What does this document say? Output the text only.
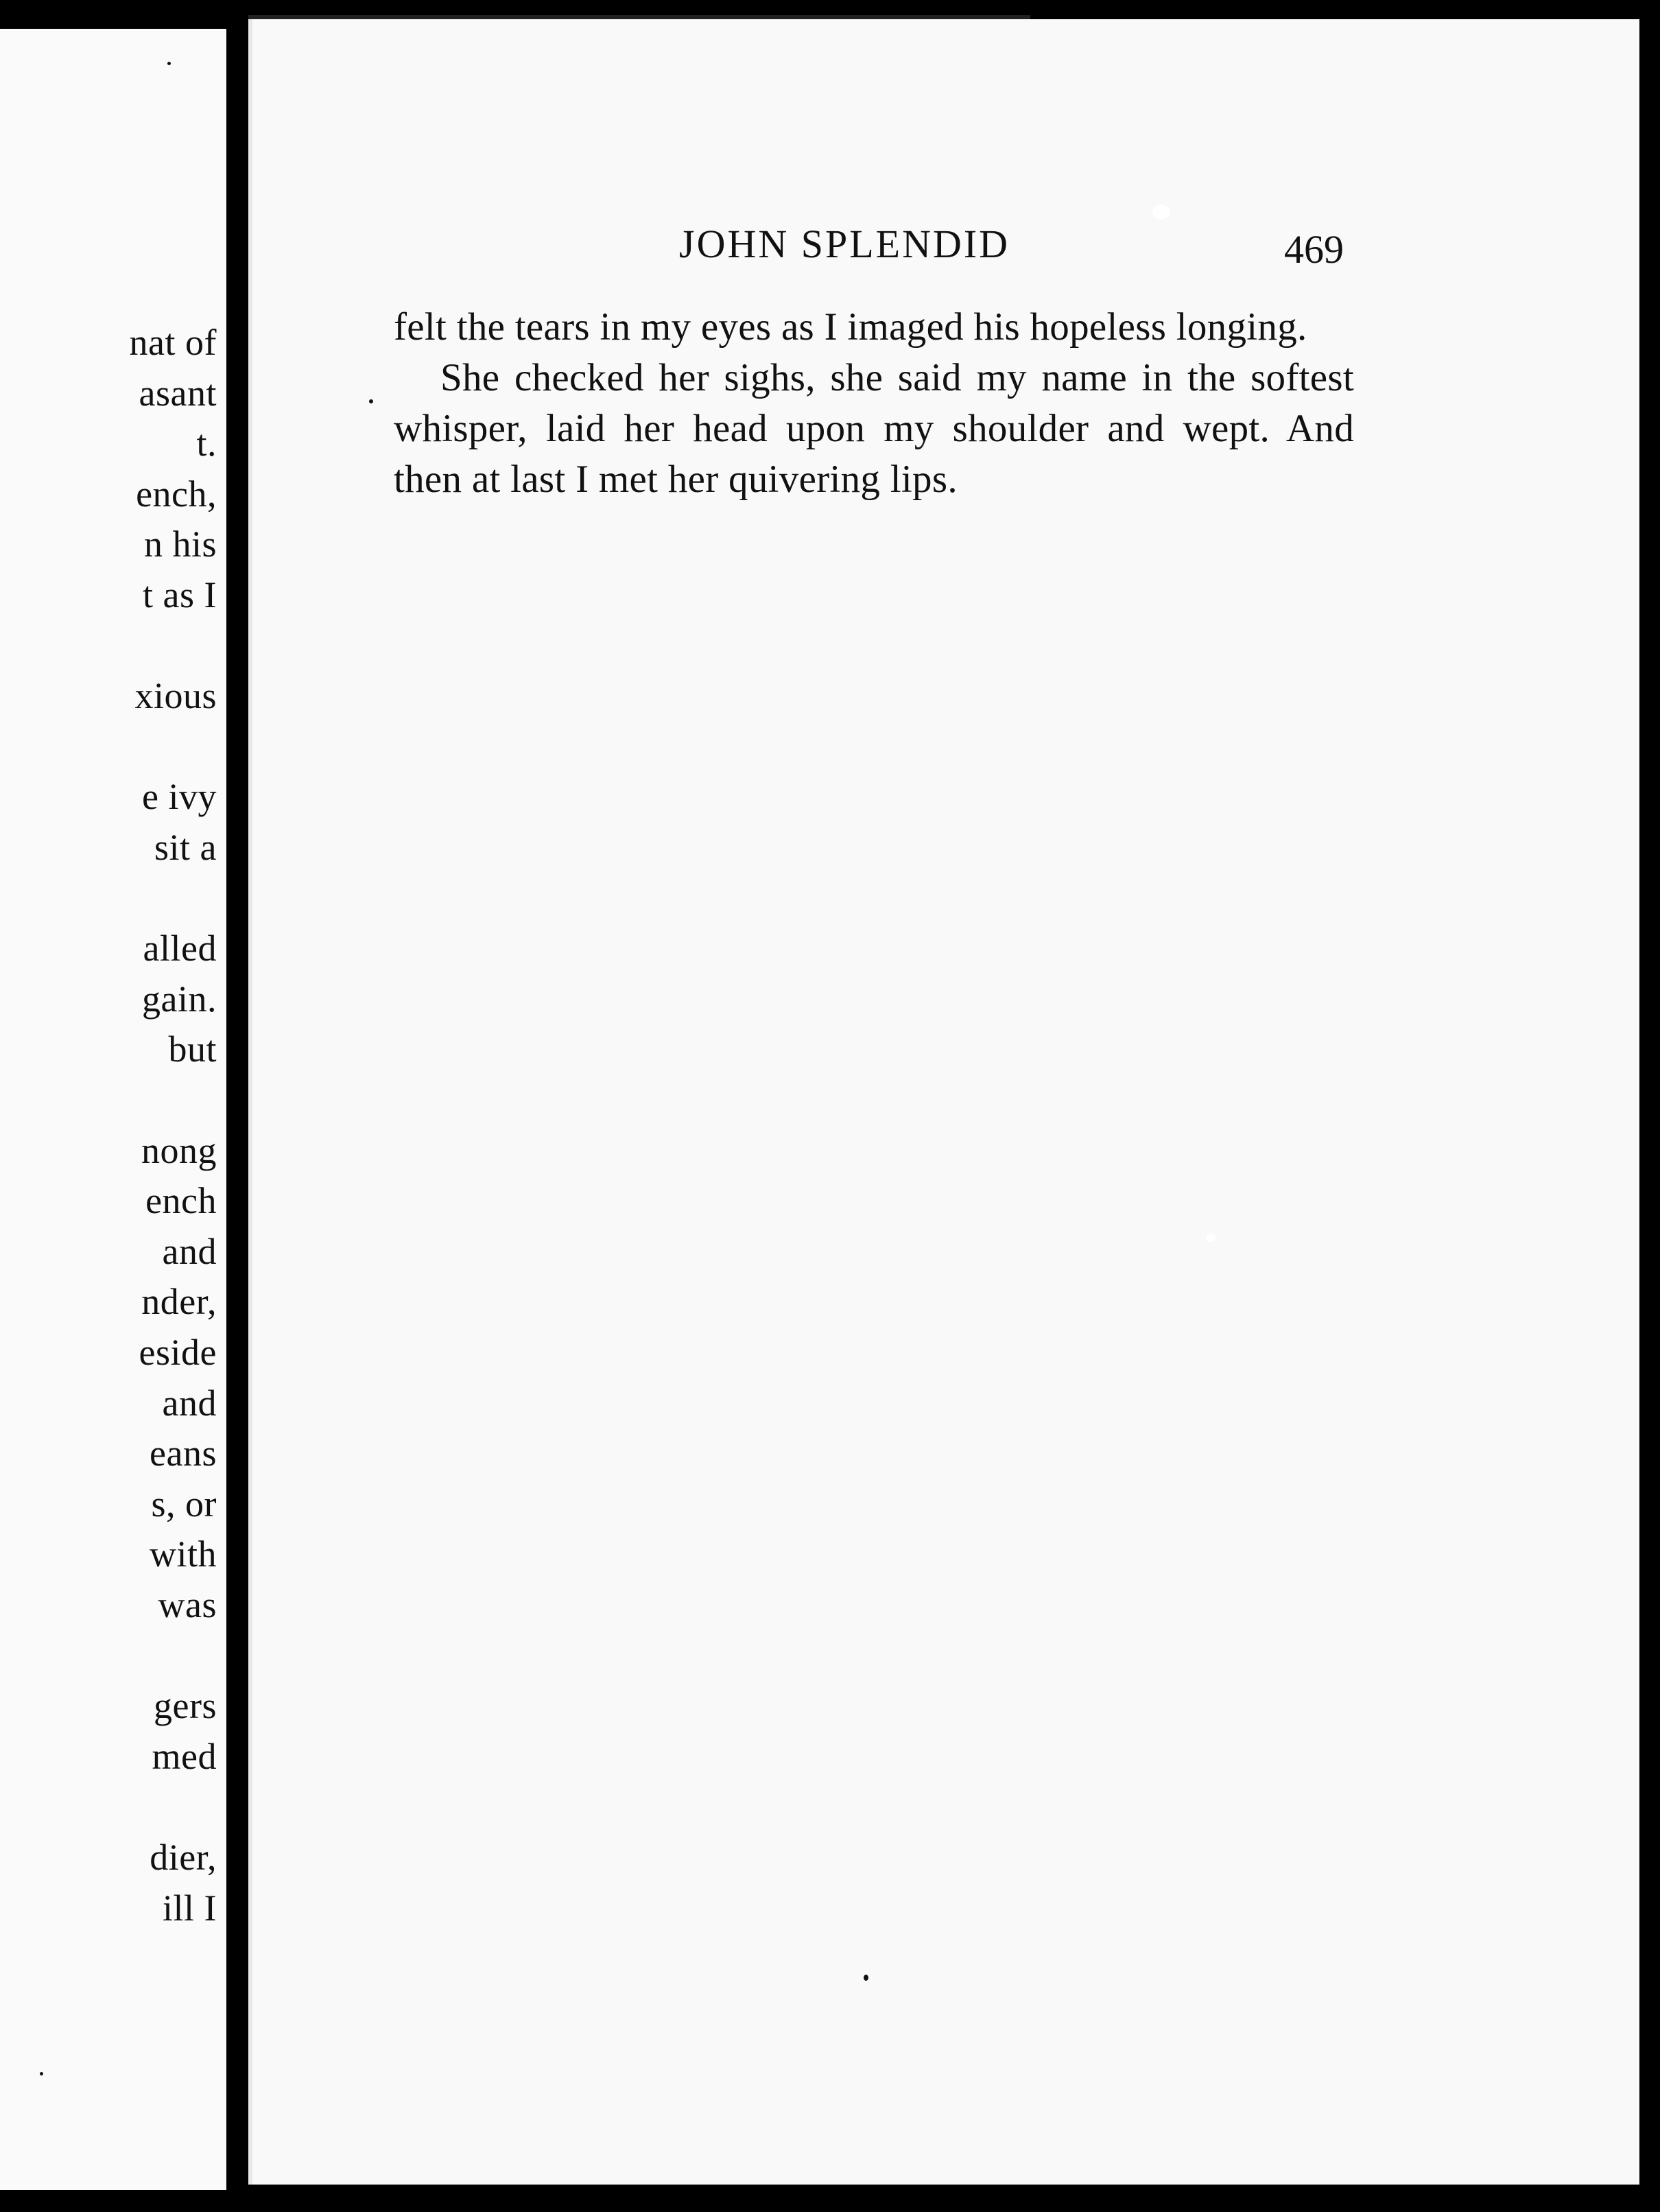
nat of
asant
t.
ench,
n his
t as I
xious
e ivy
sit a
alled
gain.
but
nong
ench
and
nder,
eside
and
eans
s, or
with
was
gers
med
dier,
ill I
JOHN SPLENDID	469

felt the tears in my eyes as I imaged his hopeless longing.

She checked her sighs, she said my name in the softest whisper, laid her head upon my shoulder and wept. And then at last I met her quivering lips.
